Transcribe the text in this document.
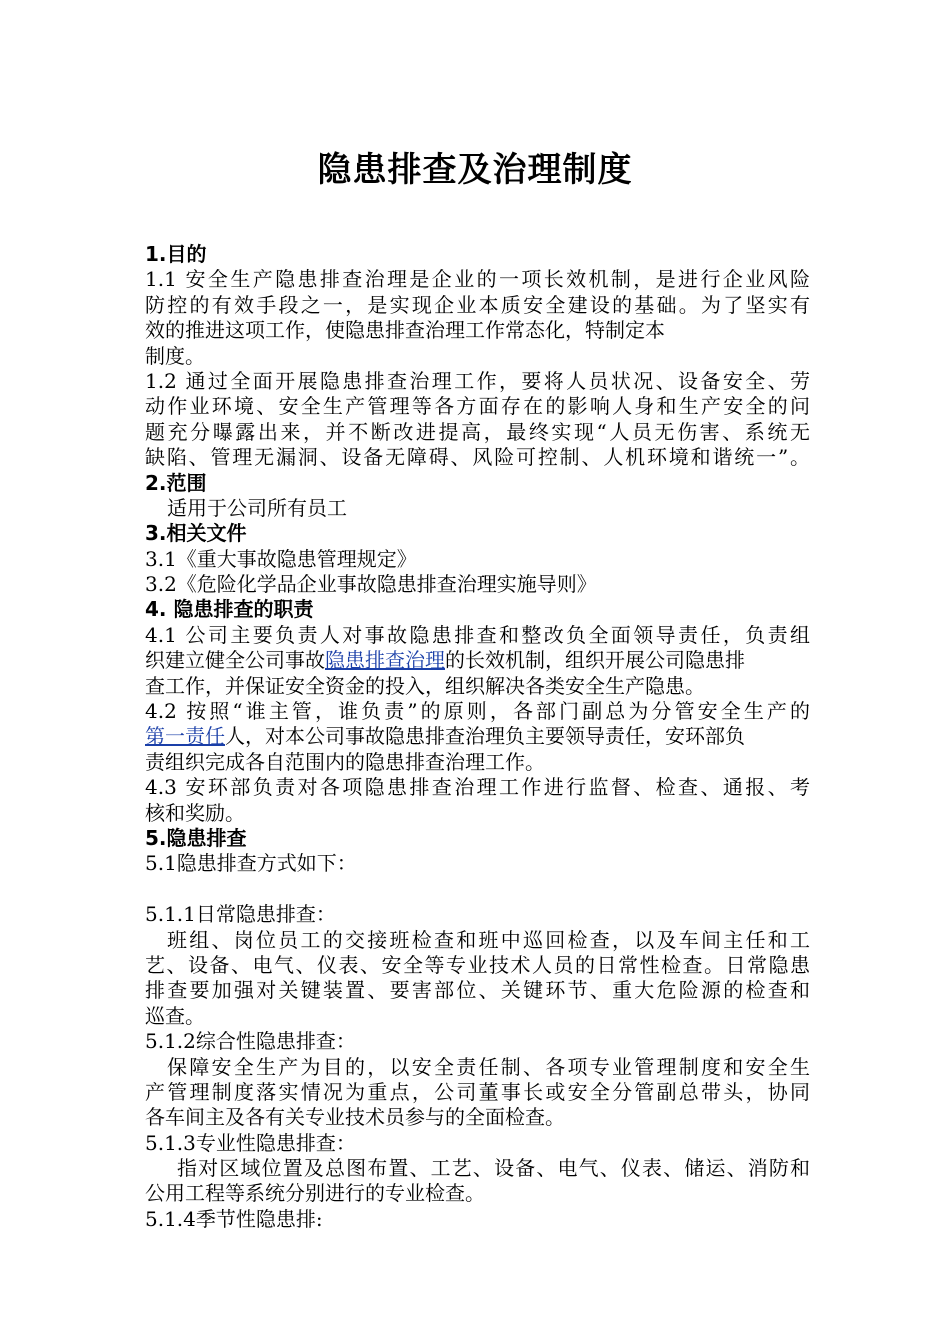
隐患排查及治理制度
1.目的
1.1 安全生产隐患排查治理是企业的一项长效机制，是进行企业风险
防控的有效手段之一，是实现企业本质安全建设的基础。为了坚实有
效的推进这项工作，使隐患排查治理工作常态化，特制定本
制度。
1.2 通过全面开展隐患排查治理工作，要将人员状况、设备安全、劳
动作业环境、安全生产管理等各方面存在的影响人身和生产安全的问
题充分曝露出来，并不断改进提高，最终实现“人员无伤害、系统无
缺陷、管理无漏洞、设备无障碍、风险可控制、人机环境和谐统一”。
2.范围
适用于公司所有员工
3.相关文件
3.1《重大事故隐患管理规定》
3.2《危险化学品企业事故隐患排查治理实施导则》
4. 隐患排查的职责
4.1 公司主要负责人对事故隐患排查和整改负全面领导责任，负责组
织建立健全公司事故隐患排查治理的长效机制，组织开展公司隐患排
查工作，并保证安全资金的投入，组织解决各类安全生产隐患。
4.2 按照“谁主管，谁负责”的原则，各部门副总为分管安全生产的
第一责任人，对本公司事故隐患排查治理负主要领导责任，安环部负
责组织完成各自范围内的隐患排查治理工作。
4.3 安环部负责对各项隐患排查治理工作进行监督、检查、通报、考
核和奖励。
5.隐患排查
5.1隐患排查方式如下：
5.1.1日常隐患排查：
班组、岗位员工的交接班检查和班中巡回检查，以及车间主任和工
艺、设备、电气、仪表、安全等专业技术人员的日常性检查。日常隐患
排查要加强对关键装置、要害部位、关键环节、重大危险源的检查和
巡查。
5.1.2综合性隐患排查：
保障安全生产为目的，以安全责任制、各项专业管理制度和安全生
产管理制度落实情况为重点，公司董事长或安全分管副总带头，协同
各车间主及各有关专业技术员参与的全面检查。
5.1.3专业性隐患排查：
指对区域位置及总图布置、工艺、设备、电气、仪表、储运、消防和
公用工程等系统分别进行的专业检查。
5.1.4季节性隐患排:
